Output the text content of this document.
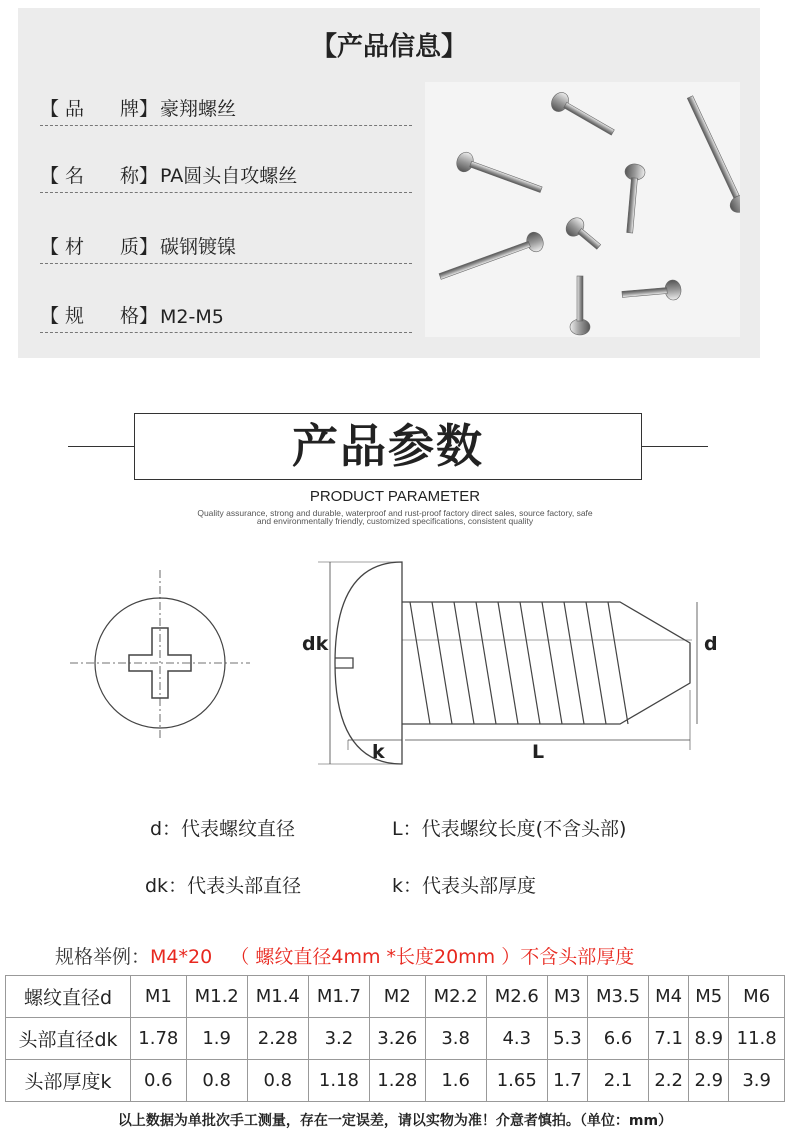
【产品信息】
【 品 牌】 豪翔螺丝
【 名 称】 PA圆头自攻螺丝
【 材 质】 碳钢镀镍
【 规 格】 M2-M5
产品参数
PRODUCT PARAMETER
Quality assurance, strong and durable, waterproof and rust-proof factory direct sales, source factory, safe
and environmentally friendly, customized specifications, consistent quality
dk	d
k	L
d：代表螺纹直径	L：代表螺纹长度(不含头部)
dk：代表头部直径	k：代表头部厚度
规格举例：M4*20 （ 螺纹直径4mm *长度20mm ）不含头部厚度
螺纹直径d	M1	M1.2	M1.4	M1.7	M2	M2.2	M2.6	M3	M3.5	M4	M5	M6
头部直径dk	1.78	1.9	2.28	3.2	3.26	3.8	4.3	5.3	6.6	7.1	8.9	11.8
头部厚度k	0.6	0.8	0.8	1.18	1.28	1.6	1.65	1.7	2.1	2.2	2.9	3.9
以上数据为单批次手工测量，存在一定误差，请以实物为准！介意者慎拍。（单位：mm）
